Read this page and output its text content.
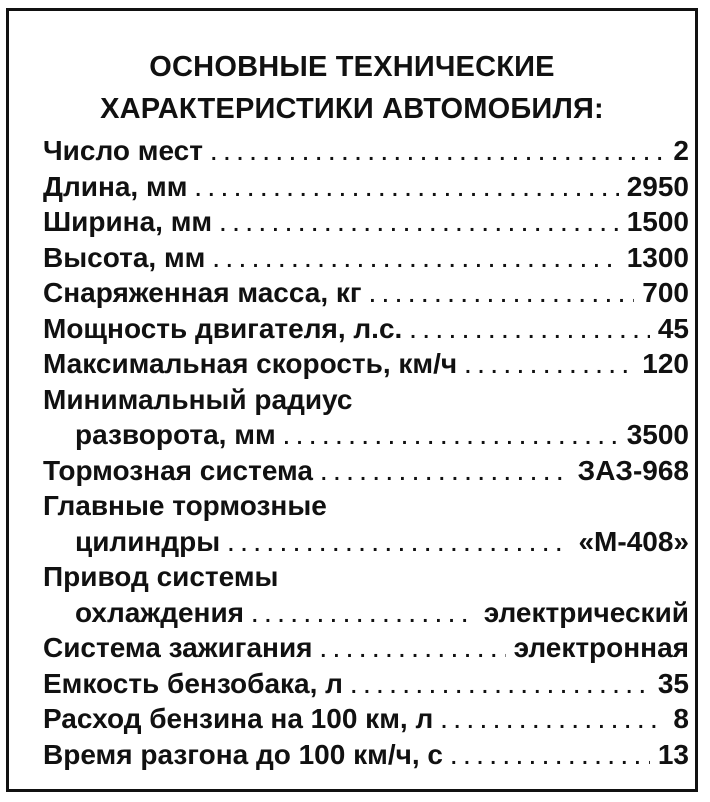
ОСНОВНЫЕ ТЕХНИЧЕСКИЕ
ХАРАКТЕРИСТИКИ АВТОМОБИЛЯ:
Число мест . . .	2
Длина, мм . . .	2950
Ширина, мм . . .	1500
Высота, мм . . .	1300
Снаряженная масса, кг . . .	700
Мощность двигателя, л.с. . . .	45
Максимальная скорость, км/ч . . .	120
Минимальный радиус
разворота, мм . . .	3500
Тормозная система . . .	ЗАЗ-968
Главные тормозные
цилиндры . . .	«М-408»
Привод системы
охлаждения . . .	электрический
Система зажигания . . .	электронная
Емкость бензобака, л . . .	35
Расход бензина на 100 км, л . . .	8
Время разгона до 100 км/ч, с . . .	13
